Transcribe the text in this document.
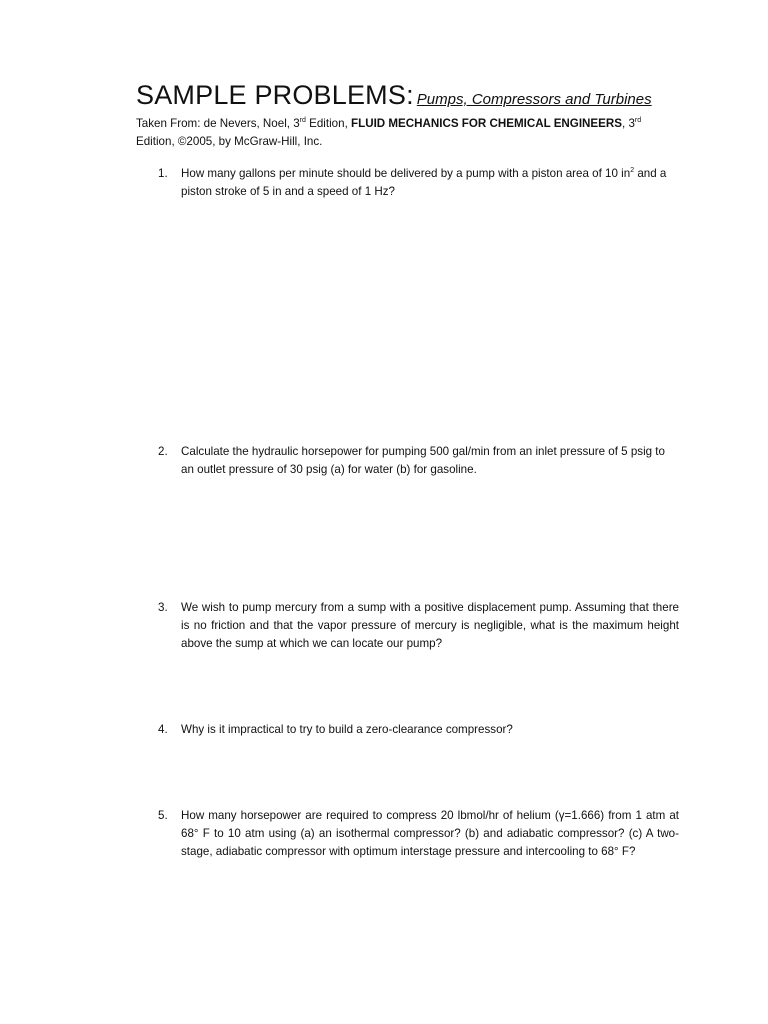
SAMPLE PROBLEMS: Pumps, Compressors and Turbines
Taken From: de Nevers, Noel, 3rd Edition, FLUID MECHANICS FOR CHEMICAL ENGINEERS, 3rd Edition, ©2005, by McGraw-Hill, Inc.
1.	How many gallons per minute should be delivered by a pump with a piston area of 10 $in^2$ and a piston stroke of 5 in and a speed of 1 Hz?
2.	Calculate the hydraulic horsepower for pumping 500 gal/min from an inlet pressure of 5 psig to an outlet pressure of 30 psig (a) for water (b) for gasoline.
3.	We wish to pump mercury from a sump with a positive displacement pump. Assuming that there is no friction and that the vapor pressure of mercury is negligible, what is the maximum height above the sump at which we can locate our pump?
4.	Why is it impractical to try to build a zero-clearance compressor?
5.	How many horsepower are required to compress 20 lbmol/hr of helium (γ=1.666) from 1 atm at 68° F to 10 atm using (a) an isothermal compressor? (b) and adiabatic compressor? (c) A two-stage, adiabatic compressor with optimum interstage pressure and intercooling to 68° F?
